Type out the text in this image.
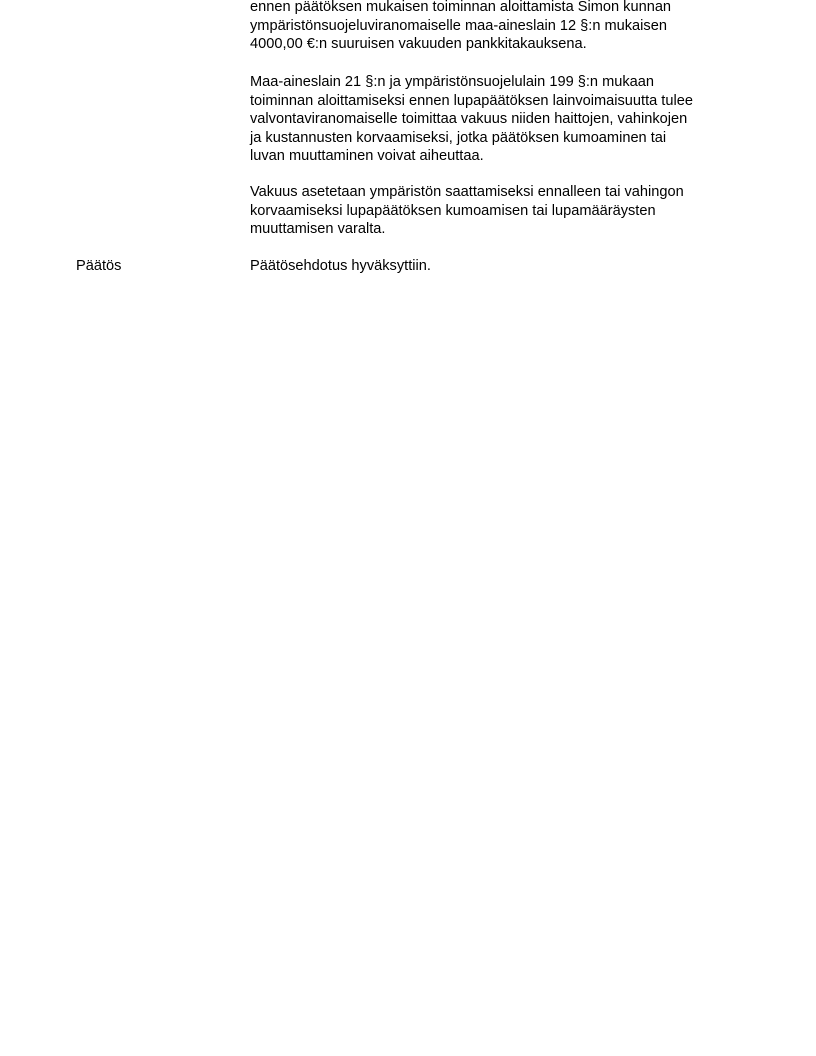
ennen päätöksen mukaisen toiminnan aloittamista Simon kunnan
ympäristönsuojeluviranomaiselle maa-aineslain 12 §:n mukaisen
4000,00 €:n suuruisen vakuuden pankkitakauksena.
Maa-aineslain 21 §:n ja ympäristönsuojelulain 199 §:n mukaan
toiminnan aloittamiseksi ennen lupapäätöksen lainvoimaisuutta tulee
valvontaviranomaiselle toimittaa vakuus niiden haittojen, vahinkojen
ja kustannusten korvaamiseksi, jotka päätöksen kumoaminen tai
luvan muuttaminen voivat aiheuttaa.
Vakuus asetetaan ympäristön saattamiseksi ennalleen tai vahingon
korvaamiseksi lupapäätöksen kumoamisen tai lupamääräysten
muuttamisen varalta.
Päätös	Päätösehdotus hyväksyttiin.
